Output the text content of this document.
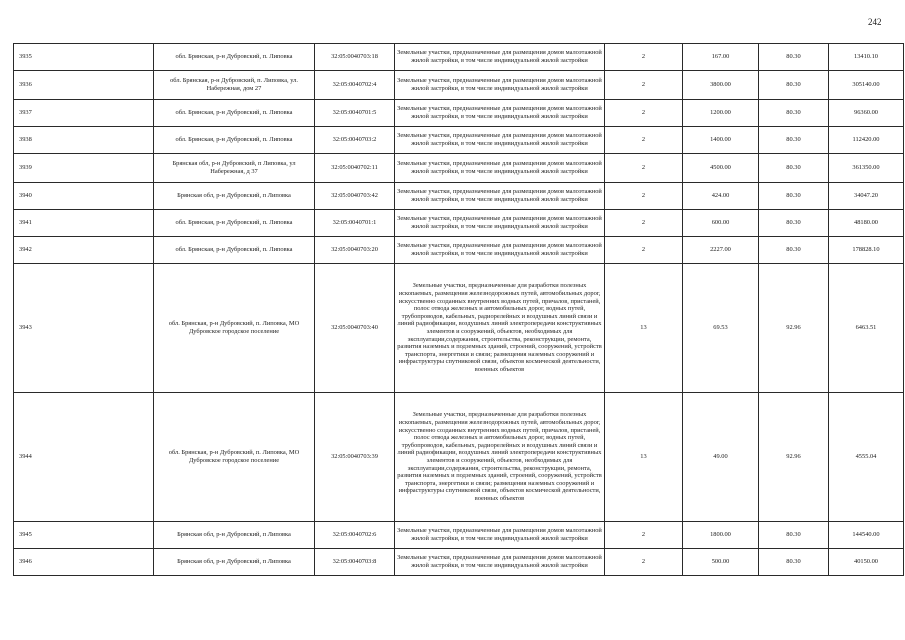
242
3935	обл. Брянская, р-н Дубровский, п. Липовка	32:05:0040703:18	Земельные участки, предназначенные для размещения домов малоэтажной жилой застройки, в том числе индивидуальной жилой застройки	2	167.00	80.30	13410.10
3936	обл. Брянская, р-н Дубровский, п. Липовка, ул. Набережная, дом 27	32:05:0040702:4	Земельные участки, предназначенные для размещения домов малоэтажной жилой застройки, в том числе индивидуальной жилой застройки	2	3800.00	80.30	305140.00
3937	обл. Брянская, р-н Дубровский, п. Липовка	32:05:0040701:5	Земельные участки, предназначенные для размещения домов малоэтажной жилой застройки, в том числе индивидуальной жилой застройки	2	1200.00	80.30	96360.00
3938	обл. Брянская, р-н Дубровский, п. Липовка	32:05:0040703:2	Земельные участки, предназначенные для размещения домов малоэтажной жилой застройки, в том числе индивидуальной жилой застройки	2	1400.00	80.30	112420.00
3939	Брянская обл, р-н Дубровский, п Липовка, ул Набережная, д 37	32:05:0040702:11	Земельные участки, предназначенные для размещения домов малоэтажной жилой застройки, в том числе индивидуальной жилой застройки	2	4500.00	80.30	361350.00
3940	Брянская обл, р-н Дубровский, п Липовка	32:05:0040703:42	Земельные участки, предназначенные для размещения домов малоэтажной жилой застройки, в том числе индивидуальной жилой застройки	2	424.00	80.30	34047.20
3941	обл. Брянская, р-н Дубровский, п. Липовка	32:05:0040701:1	Земельные участки, предназначенные для размещения домов малоэтажной жилой застройки, в том числе индивидуальной жилой застройки	2	600.00	80.30	48180.00
3942	обл. Брянская, р-н Дубровский, п. Липовка	32:05:0040703:20	Земельные участки, предназначенные для размещения домов малоэтажной жилой застройки, в том числе индивидуальной жилой застройки	2	2227.00	80.30	178828.10
3943	обл. Брянская, р-н Дубровский, п. Липовка, МО Дубровское городское поселение	32:05:0040703:40	Земельные участки, предназначенные для разработки полезных ископаемых, размещения железнодорожных путей, автомобильных дорог, искусственно созданных внутренних водных путей, причалов, пристаней, полос отвода железных и автомобильных дорог, водных путей, трубопроводов, кабельных, радиорелейных и воздушных линий связи и линий радиофикации, воздушных линий электропередачи конструктивных элементов и сооружений, объектов, необходимых для эксплуатации,содержания, строительства, реконструкции, ремонта, развития наземных и подземных зданий, строений, сооружений, устройств транспорта, энергетики и связи; размещения наземных сооружений и инфраструктуры спутниковой связи, объектов космической деятельности, военных объектов	13	69.53	92.96	6463.51
3944	обл. Брянская, р-н Дубровский, п. Липовка, МО Дубровское городское поселение	32:05:0040703:39	Земельные участки, предназначенные для разработки полезных ископаемых, размещения железнодорожных путей, автомобильных дорог, искусственно созданных внутренних водных путей, причалов, пристаней, полос отвода железных и автомобильных дорог, водных путей, трубопроводов, кабельных, радиорелейных и воздушных линий связи и линий радиофикации, воздушных линий электропередачи конструктивных элементов и сооружений, объектов, необходимых для эксплуатации,содержания, строительства, реконструкции, ремонта, развития наземных и подземных зданий, строений, сооружений, устройств транспорта, энергетики и связи; размещения наземных сооружений и инфраструктуры спутниковой связи, объектов космической деятельности, военных объектов	13	49.00	92.96	4555.04
3945	Брянская обл, р-н Дубровский, п Липовка	32:05:0040702:6	Земельные участки, предназначенные для размещения домов малоэтажной жилой застройки, в том числе индивидуальной жилой застройки	2	1800.00	80.30	144540.00
3946	Брянская обл, р-н Дубровский, п Липовка	32:05:0040703:8	Земельные участки, предназначенные для размещения домов малоэтажной жилой застройки, в том числе индивидуальной жилой застройки	2	500.00	80.30	40150.00
